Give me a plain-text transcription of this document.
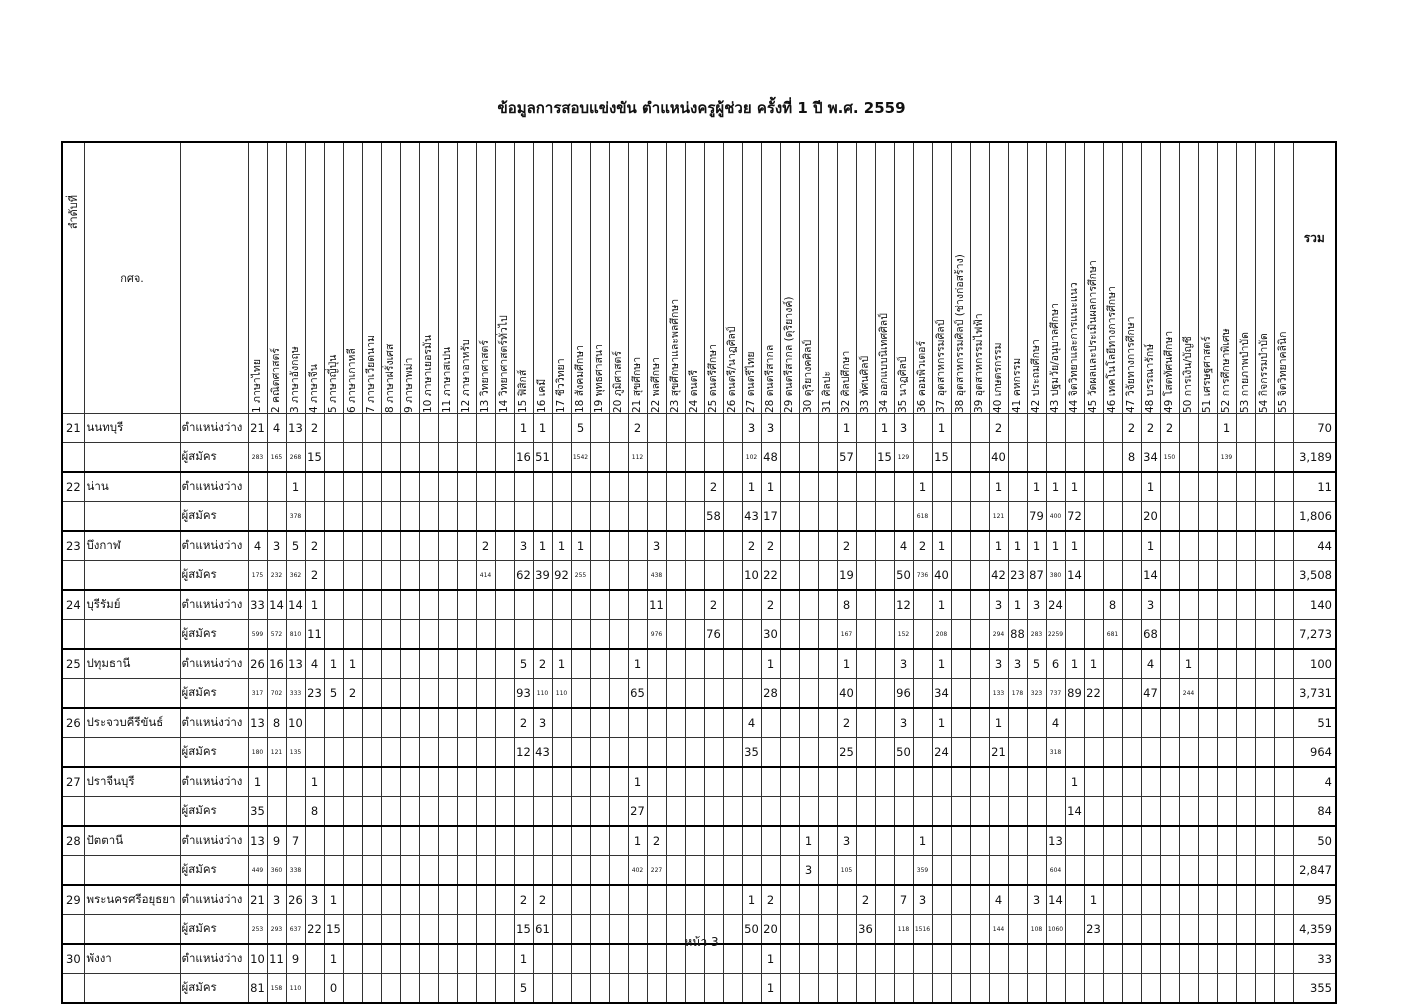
ข้อมูลการสอบแข่งขัน ตำแหน่งครูผู้ช่วย ครั้งที่ 1 ปี พ.ศ. 2559
ลำดับที่	กศจ.		1 ภาษาไทย	2 คณิตศาสตร์	3 ภาษาอังกฤษ	4 ภาษาจีน	5 ภาษาญี่ปุ่น	6 ภาษาเกาหลี	7 ภาษาเวียดนาม	8 ภาษาฝรั่งเศส	9 ภาษาพม่า	10 ภาษาเยอรมัน	11 ภาษาสเปน	12 ภาษาอาหรับ	13 วิทยาศาสตร์	14 วิทยาศาสตร์ทั่วไป	15 ฟิสิกส์	16 เคมี	17 ชีววิทยา	18 สังคมศึกษา	19 พุทธศาสนา	20 ภูมิศาสตร์	21 สุขศึกษา	22 พลศึกษา	23 สุขศึกษาและพลศึกษา	24 ดนตรี	25 ดนตรีศึกษา	26 ดนตรี/นาฏศิลป์	27 ดนตรีไทย	28 ดนตรีสากล	29 ดนตรีสากล (ดุริยางค์)	30 ดุริยางคศิลป์	31 ศิลปะ	32 ศิลปศึกษา	33 ทัศนศิลป์	34 ออกแบบนิเทศศิลป์	35 นาฏศิลป์	36 คอมพิวเตอร์	37 อุตสาหกรรมศิลป์	38 อุตสาหกรรมศิลป์ (ช่างก่อสร้าง)	39 อุตสาหกรรมไฟฟ้า	40 เกษตรกรรม	41 คหกรรม	42 ประถมศึกษา	43 ปฐมวัย/อนุบาลศึกษา	44 จิตวิทยาและการแนะแนว	45 วัดผลและประเมินผลการศึกษา	46 เทคโนโลยีทางการศึกษา	47 วิจัยทางการศึกษา	48 บรรณารักษ์	49 โสตทัศนศึกษา	50 การเงิน/บัญชี	51 เศรษฐศาสตร์	52 การศึกษาพิเศษ	53 กายภาพบำบัด	54 กิจกรรมบำบัด	55 จิตวิทยาคลินิก	รวม
21	นนทบุรี	ตำแหน่งว่าง	21	4	13	2											1	1		5			2						3	3				1		1	3		1			2							2	2	2			1				70
		ผู้สมัคร	283	165	268	15											16	51		1542			112						102	48				57		15	129		15			40							8	34	150			139				3,189
22	น่าน	ตำแหน่งว่าง			1																						2		1	1								1				1		1	1	1				1								11
		ผู้สมัคร			378																						58		43	17								618				121		79	400	72				20								1,806
23	บึงกาฬ	ตำแหน่งว่าง	4	3	5	2									2		3	1	1	1				3					2	2				2			4	2	1			1	1	1	1	1				1								44
		ผู้สมัคร	175	232	362	2									414		62	39	92	255				438					10	22				19			50	736	40			42	23	87	380	14				14								3,508
24	บุรีรัมย์	ตำแหน่งว่าง	33	14	14	1																		11			2			2				8			12		1			3	1	3	24			8		3								140
		ผู้สมัคร	599	572	810	11																		976			76			30				167			152		208			294	88	283	2259			681		68								7,273
25	ปทุมธานี	ตำแหน่งว่าง	26	16	13	4	1	1									5	2	1				1							1				1			3		1			3	3	5	6	1	1			4		1						100
		ผู้สมัคร	317	702	333	23	5	2									93	110	110				65							28				40			96		34			133	178	323	737	89	22			47		244						3,731
26	ประจวบคีรีขันธ์	ตำแหน่งว่าง	13	8	10												2	3											4					2			3		1			1			4													51
		ผู้สมัคร	180	121	135												12	43											35					25			50		24			21			318													964
27	ปราจีนบุรี	ตำแหน่งว่าง	1			1																	1																							1												4
		ผู้สมัคร	35			8																	27																							14												84
28	ปัตตานี	ตำแหน่งว่าง	13	9	7																		1	2								1		3				1							13													50
		ผู้สมัคร	449	360	338																		402	227								3		105				359							604													2,847
29	พระนครศรีอยุธยา	ตำแหน่งว่าง	21	3	26	3	1										2	2											1	2					2		7	3				4		3	14		1											95
		ผู้สมัคร	253	293	637	22	15										15	61											50	20					36		118	1516				144		108	1060		23											4,359
30	พังงา	ตำแหน่งว่าง	10	11	9		1										1													1																												33
		ผู้สมัคร	81	158	110		0										5													1																												355
หน้า 3
